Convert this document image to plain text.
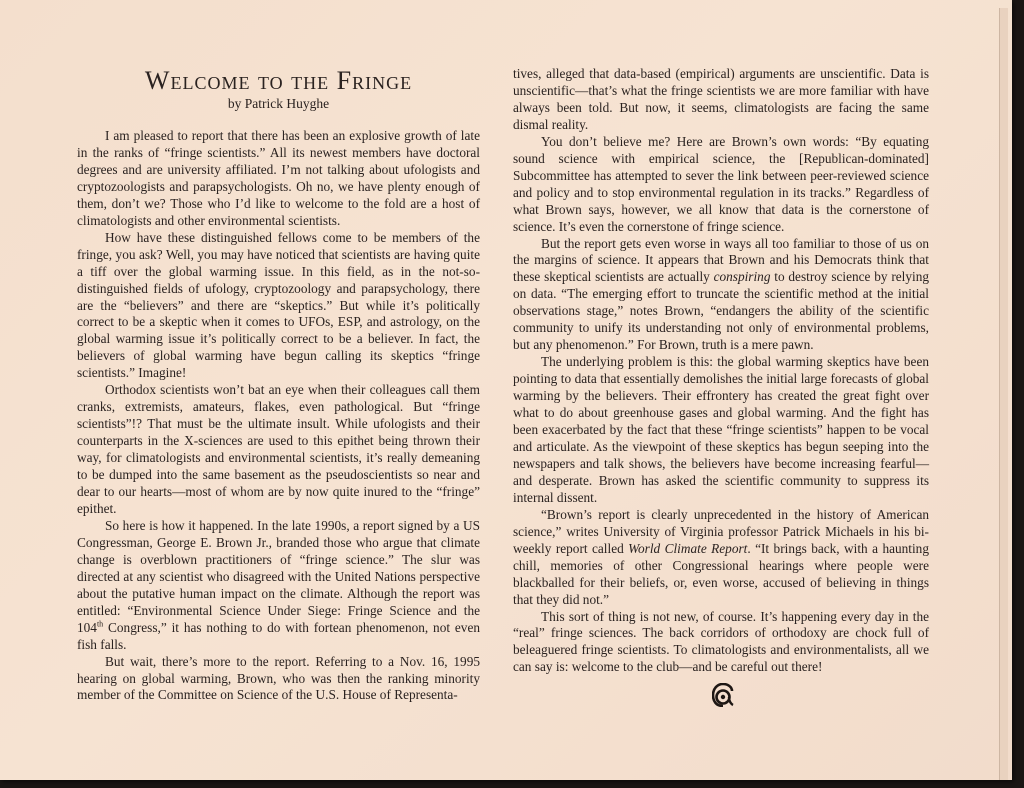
Welcome to the Fringe
by Patrick Huyghe

I am pleased to report that there has been an explosive growth of late in the ranks of “fringe scientists.” All its newest members have doctoral degrees and are university affiliated. I’m not talking about ufologists and cryptozoologists and parapsychologists. Oh no, we have plenty enough of them, don’t we? Those who I’d like to welcome to the fold are a host of climatologists and other environmental scientists.

How have these distinguished fellows come to be members of the fringe, you ask? Well, you may have noticed that scientists are having quite a tiff over the global warming issue. In this field, as in the not-so-distinguished fields of ufology, cryptozoology and parapsychology, there are the “believers” and there are “skeptics.” But while it’s politically correct to be a skeptic when it comes to UFOs, ESP, and astrology, on the global warming issue it’s politically correct to be a believer. In fact, the believers of global warming have begun calling its skeptics “fringe scientists.” Imagine!

Orthodox scientists won’t bat an eye when their colleagues call them cranks, extremists, amateurs, flakes, even pathological. But “fringe scientists”!? That must be the ultimate insult. While ufologists and their counterparts in the X-sciences are used to this epithet being thrown their way, for climatologists and environmental scientists, it’s really demeaning to be dumped into the same basement as the pseudoscientists so near and dear to our hearts—most of whom are by now quite inured to the “fringe” epithet.

So here is how it happened. In the late 1990s, a report signed by a US Congressman, George E. Brown Jr., branded those who argue that climate change is overblown practitioners of “fringe science.” The slur was directed at any scientist who disagreed with the United Nations perspective about the putative human impact on the climate. Although the report was entitled: “Environmental Science Under Siege: Fringe Science and the 104th Congress,” it has nothing to do with fortean phenomenon, not even fish falls.

But wait, there’s more to the report. Referring to a Nov. 16, 1995 hearing on global warming, Brown, who was then the ranking minority member of the Committee on Science of the U.S. House of Representa-

tives, alleged that data-based (empirical) arguments are unscientific. Data is unscientific—that’s what the fringe scientists we are more familiar with have always been told. But now, it seems, climatologists are facing the same dismal reality.

You don’t believe me? Here are Brown’s own words: “By equating sound science with empirical science, the [Republican-dominated] Subcommittee has attempted to sever the link between peer-reviewed science and policy and to stop environmental regulation in its tracks.” Regardless of what Brown says, however, we all know that data is the cornerstone of science. It’s even the cornerstone of fringe science.

But the report gets even worse in ways all too familiar to those of us on the margins of science. It appears that Brown and his Democrats think that these skeptical scientists are actually conspiring to destroy science by relying on data. “The emerging effort to truncate the scientific method at the initial observations stage,” notes Brown, “endangers the ability of the scientific community to unify its understanding not only of environmental problems, but any phenomenon.” For Brown, truth is a mere pawn.

The underlying problem is this: the global warming skeptics have been pointing to data that essentially demolishes the initial large forecasts of global warming by the believers. Their effrontery has created the great fight over what to do about greenhouse gases and global warming. And the fight has been exacerbated by the fact that these “fringe scientists” happen to be vocal and articulate. As the viewpoint of these skeptics has begun seeping into the newspapers and talk shows, the believers have become increasing fearful—and desperate. Brown has asked the scientific community to suppress its internal dissent.

“Brown’s report is clearly unprecedented in the history of American science,” writes University of Virginia professor Patrick Michaels in his bi-weekly report called World Climate Report. “It brings back, with a haunting chill, memories of other Congressional hearings where people were blackballed for their beliefs, or, even worse, accused of believing in things that they did not.”

This sort of thing is not new, of course. It’s happening every day in the “real” fringe sciences. The back corridors of orthodoxy are chock full of beleaguered fringe scientists. To climatologists and environmentalists, all we can say is: welcome to the club—and be careful out there!
